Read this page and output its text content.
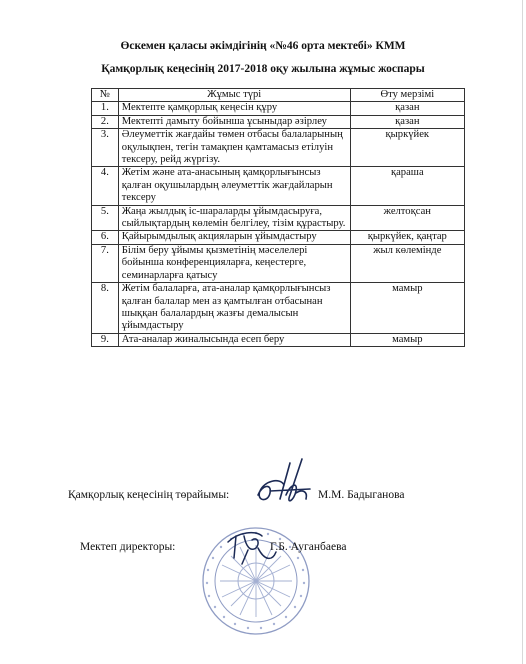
Өскемен қаласы әкімдігінің «№46 орта мектебі» КММ
Қамқорлық кеңесінің 2017-2018 оқу жылына жұмыс жоспары
№	Жұмыс түрі	Өту мерзімі
1.	Мектепте қамқорлық кеңесін құру	қазан
2.	Мектепті дамыту бойынша ұсыныдар әзірлеу	қазан
3.	Әлеуметтік жағдайы төмен отбасы балаларының оқулықпен, тегін тамақпен қамтамасыз етілуін тексеру, рейд жүргізу.	қыркүйек
4.	Жетім және ата-анасының қамқорлығынсыз қалған оқушылардың әлеуметтік жағдайларын тексеру	қараша
5.	Жаңа жылдық іс-шараларды ұйымдасыруға, сыйлықтардың көлемін белгілеу, тізім құрастыру.	желтоқсан
6.	Қайырымдылық акцияларын ұйымдастыру	қыркүйек, қаңтар
7.	Білім беру ұйымы қызметінің мәселелері бойынша конференцияларға, кеңестерге, семинарларға қатысу	жыл көлемінде
8.	Жетім балаларға, ата-аналар қамқорлығынсыз қалған балалар мен аз қамтылған отбасынан шыққан балалардың жазғы демалысын ұйымдастыру	мамыр
9.	Ата-аналар жиналысында есеп беру	мамыр
Қамқорлық кеңесінің төрайымы:	М.М. Бадыганова
Мектеп директоры:	Г.Б. Ауганбаева
